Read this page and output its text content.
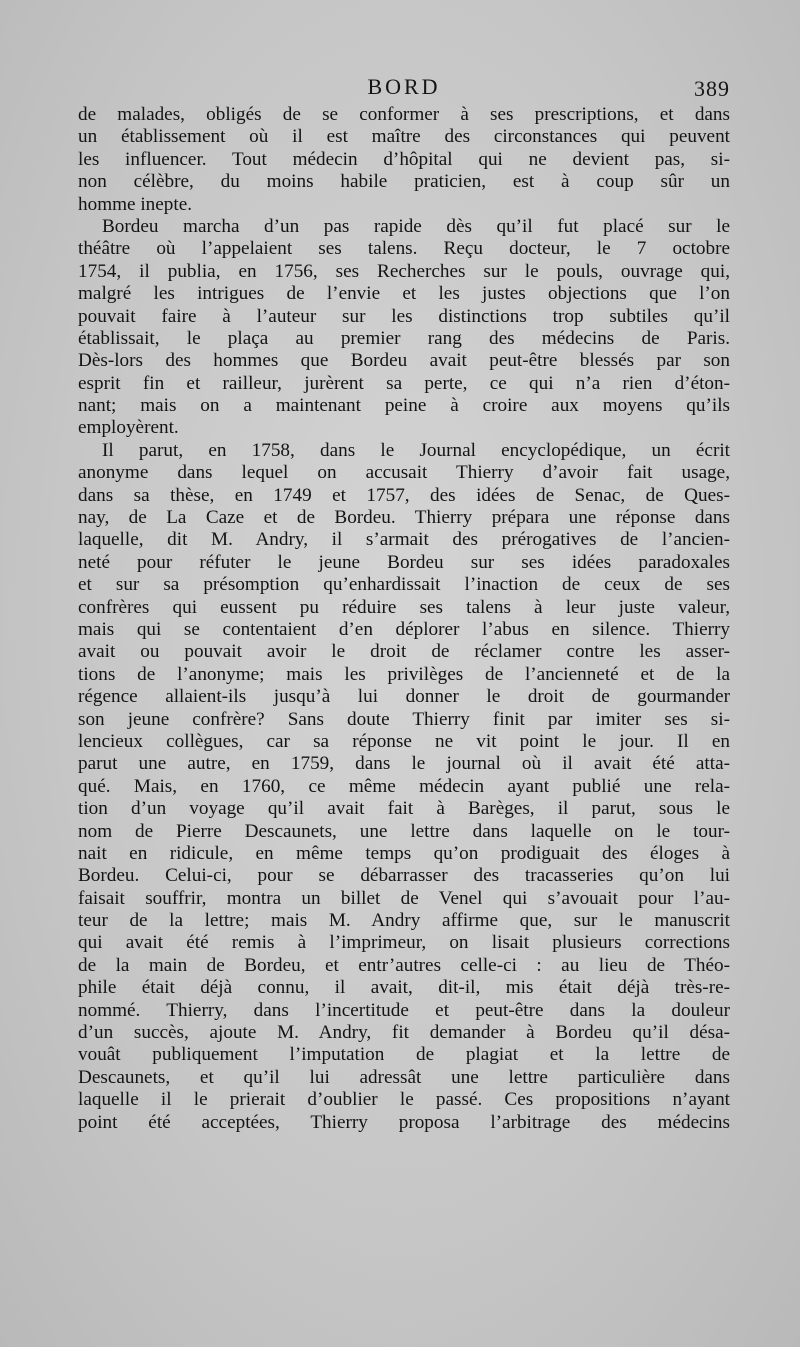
BORD	389
de malades, obligés de se conformer à ses prescriptions, et dans
un établissement où il est maître des circonstances qui peuvent
les influencer. Tout médecin d’hôpital qui ne devient pas, si-
non célèbre, du moins habile praticien, est à coup sûr un
homme inepte.
Bordeu marcha d’un pas rapide dès qu’il fut placé sur le
théâtre où l’appelaient ses talens. Reçu docteur, le 7 octobre
1754, il publia, en 1756, ses Recherches sur le pouls, ouvrage qui,
malgré les intrigues de l’envie et les justes objections que l’on
pouvait faire à l’auteur sur les distinctions trop subtiles qu’il
établissait, le plaça au premier rang des médecins de Paris.
Dès-lors des hommes que Bordeu avait peut-être blessés par son
esprit fin et railleur, jurèrent sa perte, ce qui n’a rien d’éton-
nant; mais on a maintenant peine à croire aux moyens qu’ils
employèrent.
Il parut, en 1758, dans le Journal encyclopédique, un écrit
anonyme dans lequel on accusait Thierry d’avoir fait usage,
dans sa thèse, en 1749 et 1757, des idées de Senac, de Ques-
nay, de La Caze et de Bordeu. Thierry prépara une réponse dans
laquelle, dit M. Andry, il s’armait des prérogatives de l’ancien-
neté pour réfuter le jeune Bordeu sur ses idées paradoxales
et sur sa présomption qu’enhardissait l’inaction de ceux de ses
confrères qui eussent pu réduire ses talens à leur juste valeur,
mais qui se contentaient d’en déplorer l’abus en silence. Thierry
avait ou pouvait avoir le droit de réclamer contre les asser-
tions de l’anonyme; mais les privilèges de l’ancienneté et de la
régence allaient-ils jusqu’à lui donner le droit de gourmander
son jeune confrère? Sans doute Thierry finit par imiter ses si-
lencieux collègues, car sa réponse ne vit point le jour. Il en
parut une autre, en 1759, dans le journal où il avait été atta-
qué. Mais, en 1760, ce même médecin ayant publié une rela-
tion d’un voyage qu’il avait fait à Barèges, il parut, sous le
nom de Pierre Descaunets, une lettre dans laquelle on le tour-
nait en ridicule, en même temps qu’on prodiguait des éloges à
Bordeu. Celui-ci, pour se débarrasser des tracasseries qu’on lui
faisait souffrir, montra un billet de Venel qui s’avouait pour l’au-
teur de la lettre; mais M. Andry affirme que, sur le manuscrit
qui avait été remis à l’imprimeur, on lisait plusieurs corrections
de la main de Bordeu, et entr’autres celle-ci : au lieu de Théo-
phile était déjà connu, il avait, dit-il, mis était déjà très-re-
nommé. Thierry, dans l’incertitude et peut-être dans la douleur
d’un succès, ajoute M. Andry, fit demander à Bordeu qu’il désa-
vouât publiquement l’imputation de plagiat et la lettre de
Descaunets, et qu’il lui adressât une lettre particulière dans
laquelle il le prierait d’oublier le passé. Ces propositions n’ayant
point été acceptées, Thierry proposa l’arbitrage des médecins
